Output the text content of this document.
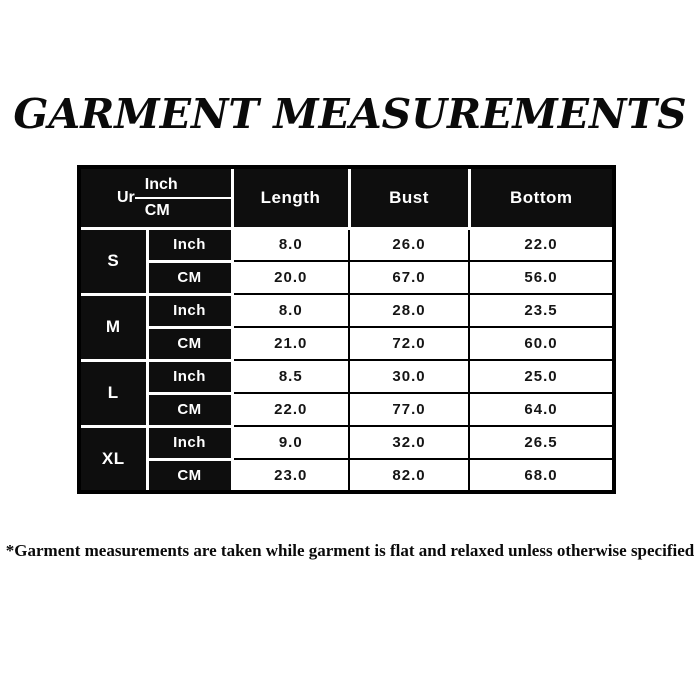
GARMENT MEASUREMENTS
Ur $\frac{\text{Inch}}{CM}$		Length	Bust	Bottom
S	Inch	8.0	26.0	22.0
	CM	20.0	67.0	56.0
M	Inch	8.0	28.0	23.5
	CM	21.0	72.0	60.0
L	Inch	8.5	30.0	25.0
	CM	22.0	77.0	64.0
XL	Inch	9.0	32.0	26.5
	CM	23.0	82.0	68.0
*Garment measurements are taken while garment is flat and relaxed unless otherwise specified
